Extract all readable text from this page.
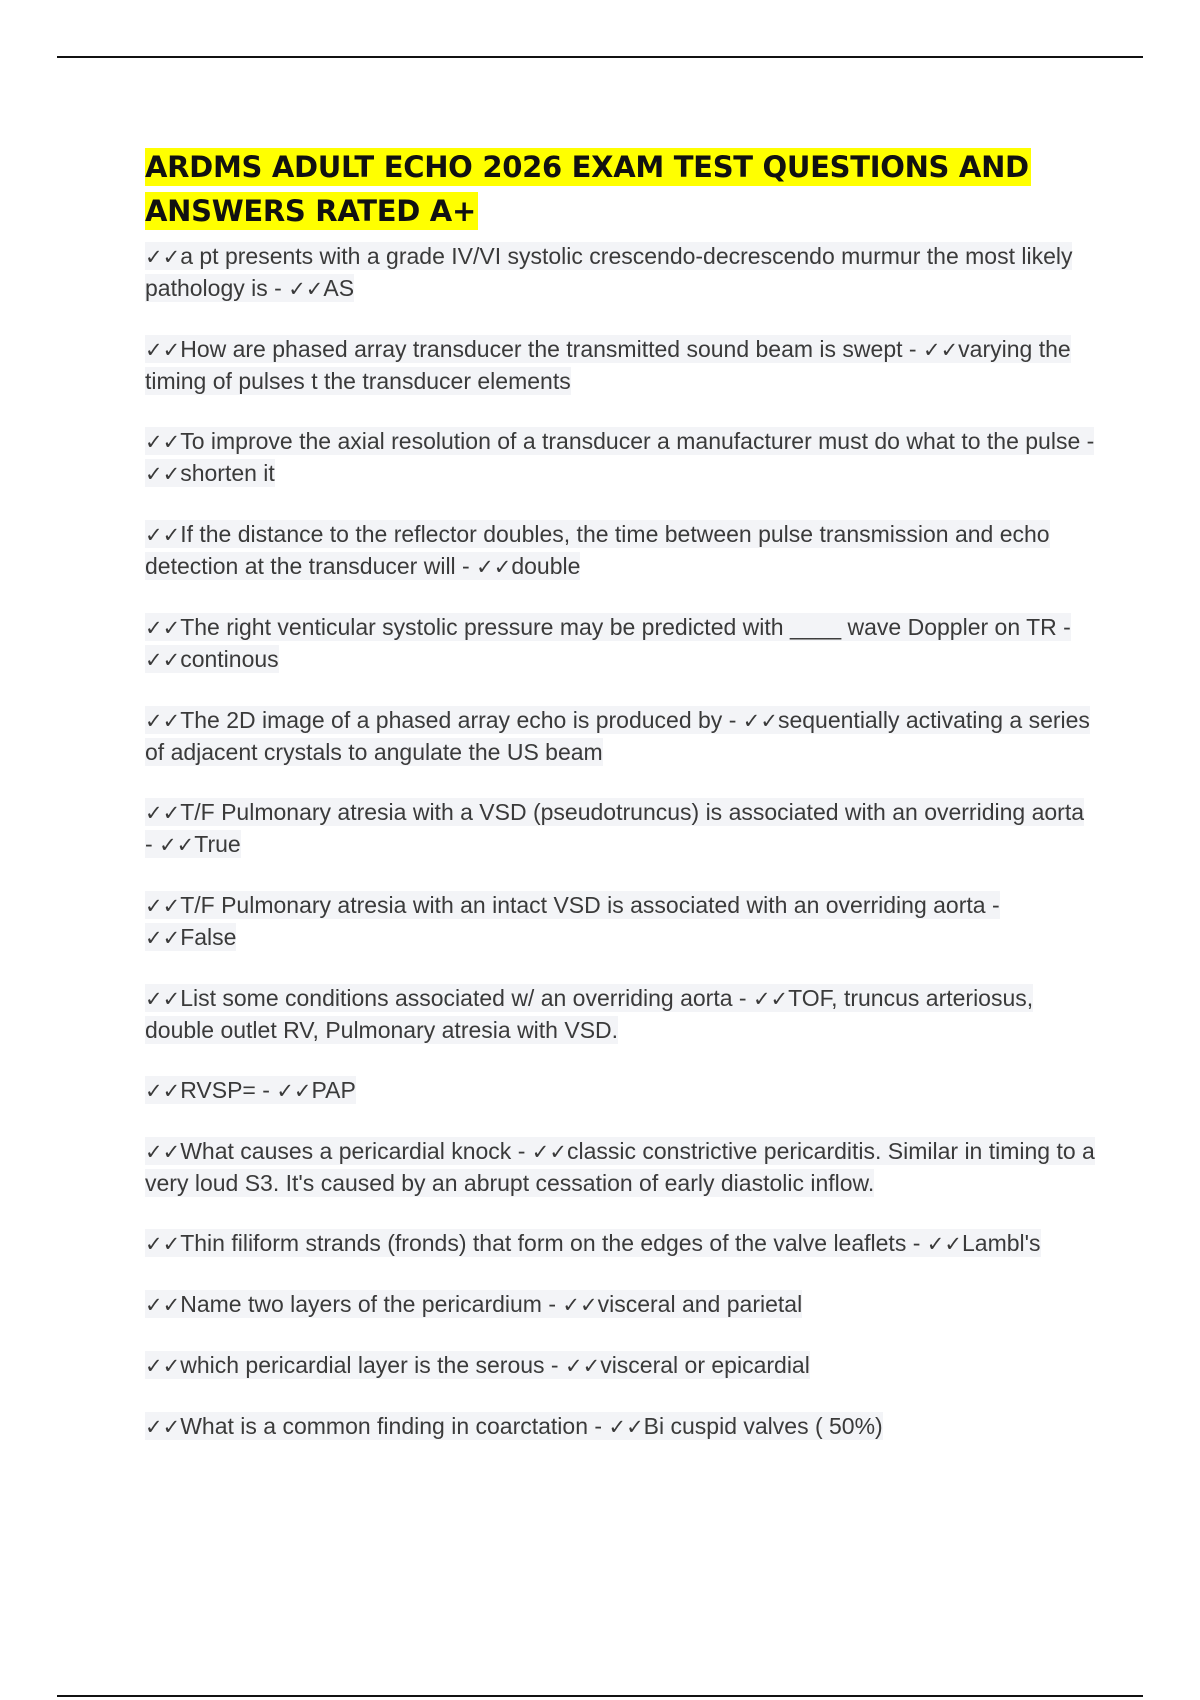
ARDMS ADULT ECHO 2026 EXAM TEST QUESTIONS AND ANSWERS RATED A+
✓✓a pt presents with a grade IV/VI systolic crescendo-decrescendo murmur the most likely pathology is - ✓✓AS
✓✓How are phased array transducer the transmitted sound beam is swept - ✓✓varying the timing of pulses t the transducer elements
✓✓To improve the axial resolution of a transducer a manufacturer must do what to the pulse - ✓✓shorten it
✓✓If the distance to the reflector doubles, the time between pulse transmission and echo detection at the transducer will - ✓✓double
✓✓The right venticular systolic pressure may be predicted with ____ wave Doppler on TR - ✓✓continous
✓✓The 2D image of a phased array echo is produced by - ✓✓sequentially activating a series of adjacent crystals to angulate the US beam
✓✓T/F Pulmonary atresia with a VSD (pseudotruncus) is associated with an overriding aorta - ✓✓True
✓✓T/F Pulmonary atresia with an intact VSD is associated with an overriding aorta - ✓✓False
✓✓List some conditions associated w/ an overriding aorta - ✓✓TOF, truncus arteriosus, double outlet RV, Pulmonary atresia with VSD.
✓✓RVSP= - ✓✓PAP
✓✓What causes a pericardial knock - ✓✓classic constrictive pericarditis. Similar in timing to a very loud S3. It's caused by an abrupt cessation of early diastolic inflow.
✓✓Thin filiform strands (fronds) that form on the edges of the valve leaflets - ✓✓Lambl's
✓✓Name two layers of the pericardium - ✓✓visceral and parietal
✓✓which pericardial layer is the serous - ✓✓visceral or epicardial
✓✓What is a common finding in coarctation - ✓✓Bi cuspid valves ( 50%)
